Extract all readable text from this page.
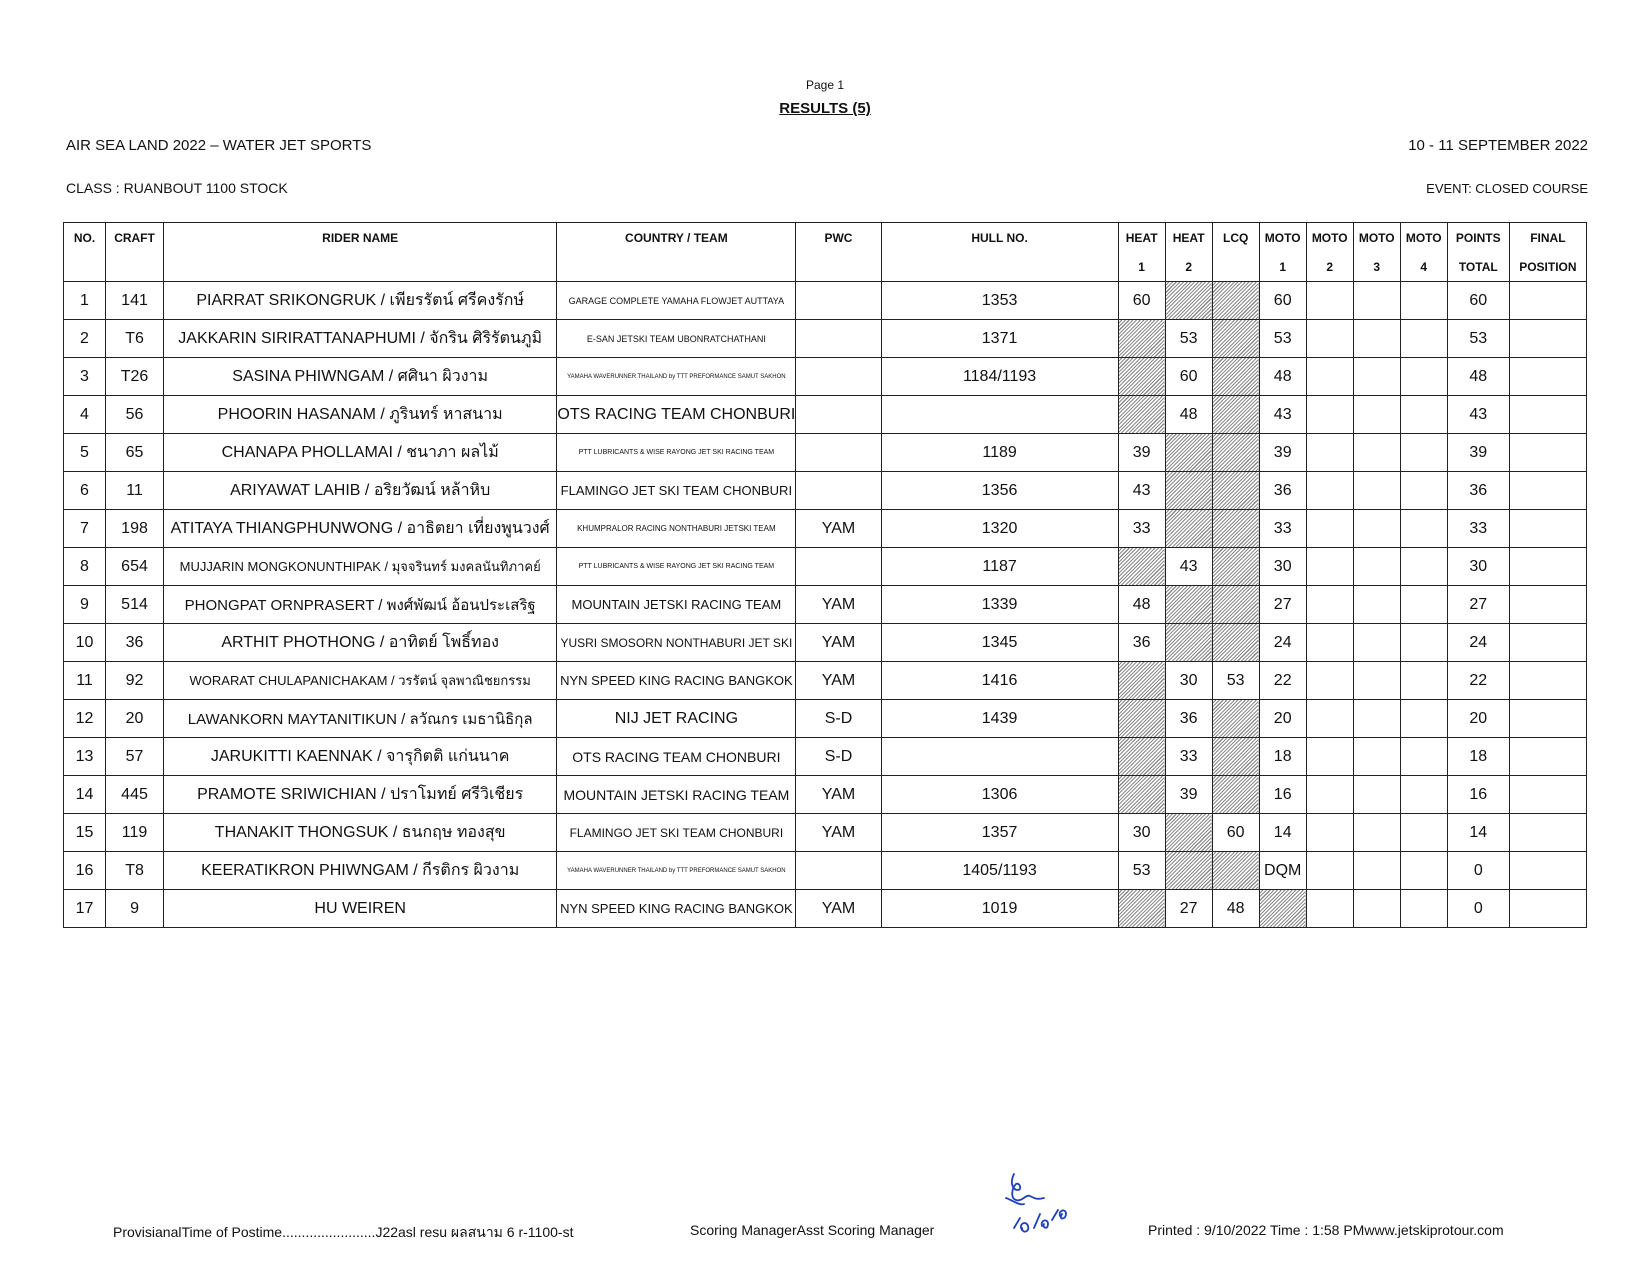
Page 1
RESULTS (5)
AIR SEA LAND 2022 – WATER JET SPORTS	10 - 11 SEPTEMBER 2022
CLASS : RUANBOUT 1100 STOCK	EVENT: CLOSED COURSE
NO.	CRAFT	RIDER NAME	COUNTRY / TEAM	PWC	HULL NO.	HEAT	HEAT	LCQ	MOTO	MOTO	MOTO	MOTO	POINTS	FINAL
						1	2		1	2	3	4	TOTAL	POSITION
1	141	PIARRAT SRIKONGRUK / เพียรรัตน์ ศรีคงรักษ์	GARAGE COMPLETE YAMAHA FLOWJET AUTTAYA		1353	60			60				60	
2	T6	JAKKARIN SIRIRATTANAPHUMI / จักริน ศิริรัตนภูมิ	E-SAN JETSKI TEAM UBONRATCHATHANI		1371		53		53				53	
3	T26	SASINA PHIWNGAM / ศศินา ผิวงาม	YAMAHA WAVERUNNER THAILAND by TTT PREFORMANCE SAMUT SAKHON		1184/1193		60		48				48	
4	56	PHOORIN HASANAM / ภูรินทร์ หาสนาม	OTS RACING TEAM CHONBURI				48		43				43	
5	65	CHANAPA PHOLLAMAI / ชนาภา ผลไม้	PTT LUBRICANTS & WISE RAYONG JET SKI RACING TEAM		1189	39			39				39	
6	11	ARIYAWAT LAHIB / อริยวัฒน์ หล้าหิบ	FLAMINGO JET SKI TEAM CHONBURI		1356	43			36				36	
7	198	ATITAYA THIANGPHUNWONG / อาธิตยา เที่ยงพูนวงศ์	KHUMPRALOR RACING NONTHABURI JETSKI TEAM	YAM	1320	33			33				33	
8	654	MUJJARIN MONGKONUNTHIPAK / มุจจรินทร์ มงคลนันทิภาคย์	PTT LUBRICANTS & WISE RAYONG JET SKI RACING TEAM		1187		43		30				30	
9	514	PHONGPAT ORNPRASERT / พงศ์พัฒน์ อ้อนประเสริฐ	MOUNTAIN JETSKI RACING TEAM	YAM	1339	48			27				27	
10	36	ARTHIT PHOTHONG / อาทิตย์ โพธิ์ทอง	YUSRI SMOSORN NONTHABURI JET SKI	YAM	1345	36			24				24	
11	92	WORARAT CHULAPANICHAKAM / วรรัตน์ จุลพาณิชยกรรม	NYN SPEED KING RACING BANGKOK	YAM	1416		30	53	22				22	
12	20	LAWANKORN MAYTANITIKUN / ลวัณกร เมธานิธิกุล	NIJ JET RACING	S-D	1439		36		20				20	
13	57	JARUKITTI KAENNAK / จารุกิตติ แก่นนาค	OTS RACING TEAM CHONBURI	S-D			33		18				18	
14	445	PRAMOTE SRIWICHIAN / ปราโมทย์ ศรีวิเชียร	MOUNTAIN JETSKI RACING TEAM	YAM	1306		39		16				16	
15	119	THANAKIT THONGSUK / ธนกฤษ ทองสุข	FLAMINGO JET SKI TEAM CHONBURI	YAM	1357	30		60	14				14	
16	T8	KEERATIKRON PHIWNGAM / กีรติกร ผิวงาม	YAMAHA WAVERUNNER THAILAND by TTT PREFORMANCE SAMUT SAKHON		1405/1193	53			DQM				0	
17	9	HU WEIREN	NYN SPEED KING RACING BANGKOK	YAM	1019		27	48					0	
ProvisianalTime of Postime........................J22asl resu ผลสนาม 6 r-1100-st	Scoring ManagerAsst Scoring Manager	Printed : 9/10/2022 Time : 1:58 PMwww.jetskiprotour.com
